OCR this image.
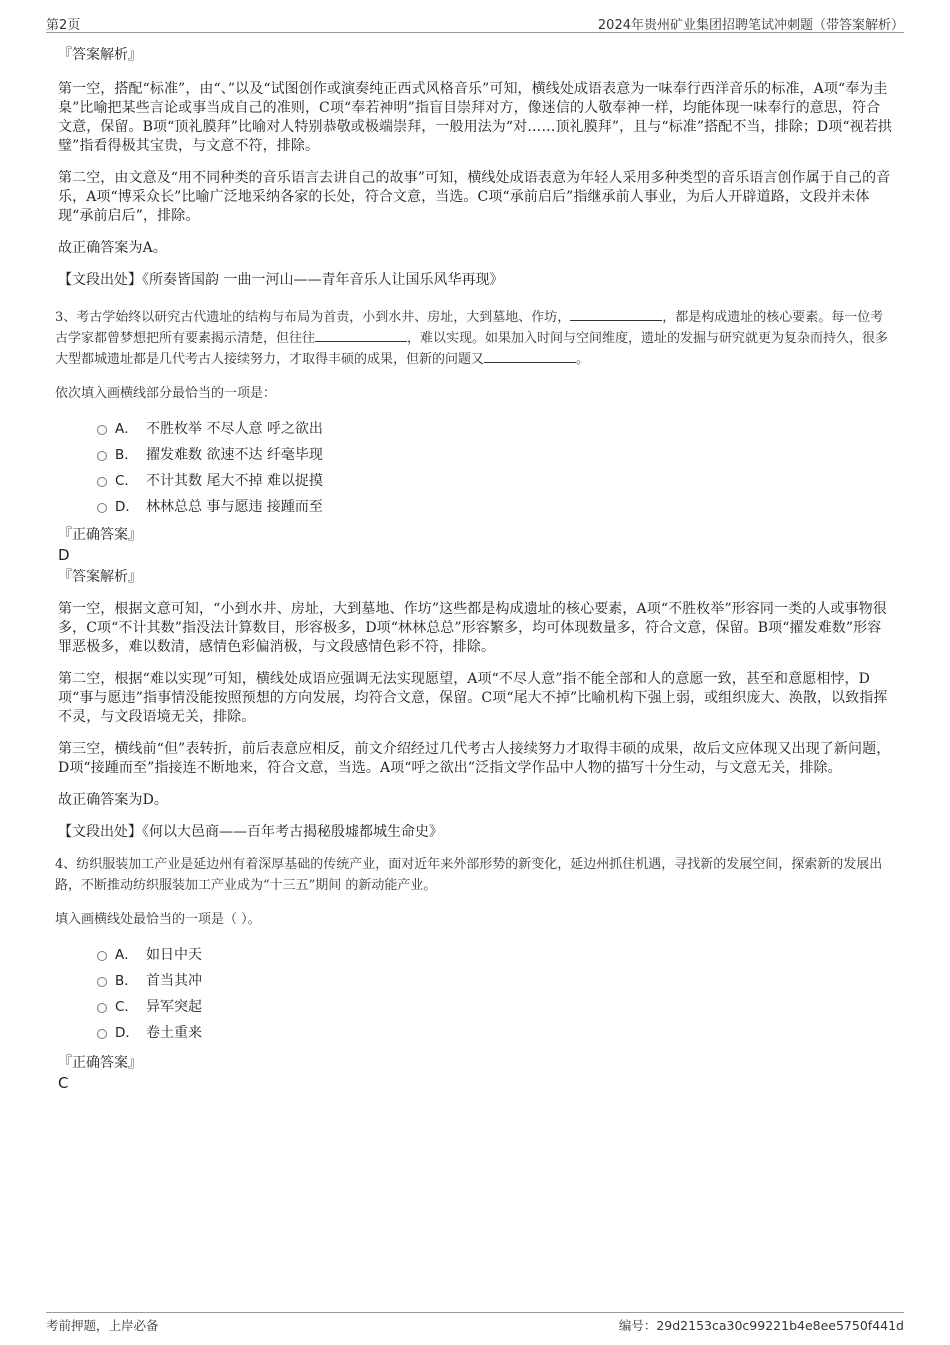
第2页	2024年贵州矿业集团招聘笔试冲刺题（带答案解析）

『答案解析』

第一空，搭配“标准”，由“、”以及“试图创作或演奏纯正西式风格音乐”可知，横线处成语表意为一味奉行西洋音乐的标准，A项“奉为圭臬”比喻把某些言论或事当成自己的准则，C项“奉若神明”指盲目崇拜对方，像迷信的人敬奉神一样，均能体现一味奉行的意思，符合文意，保留。B项“顶礼膜拜”比喻对人特别恭敬或极端崇拜，一般用法为“对……顶礼膜拜”，且与“标准”搭配不当，排除；D项“视若拱璧”指看得极其宝贵，与文意不符，排除。

第二空，由文意及“用不同种类的音乐语言去讲自己的故事”可知，横线处成语表意为年轻人采用多种类型的音乐语言创作属于自己的音乐，A项“博采众长”比喻广泛地采纳各家的长处，符合文意，当选。C项“承前启后”指继承前人事业，为后人开辟道路，文段并未体现“承前启后”，排除。

故正确答案为A。

【文段出处】《所奏皆国韵 一曲一河山——青年音乐人让国乐风华再现》

3、考古学始终以研究古代遗址的结构与布局为首责，小到水井、房址，大到墓地、作坊，	，都是构成遗址的核心要素。每一位考古学家都曾梦想把所有要素揭示清楚，但往往	，难以实现。如果加入时间与空间维度，遗址的发掘与研究就更为复杂而持久，很多大型都城遗址都是几代考古人接续努力，才取得丰硕的成果，但新的问题又	。

依次填入画横线部分最恰当的一项是：

A． 不胜枚举 不尽人意 呼之欲出
B． 擢发难数 欲速不达 纤毫毕现
C． 不计其数 尾大不掉 难以捉摸
D． 林林总总 事与愿违 接踵而至

『正确答案』

D

『答案解析』

第一空，根据文意可知，“小到水井、房址，大到墓地、作坊”这些都是构成遗址的核心要素，A项“不胜枚举”形容同一类的人或事物很多，C项“不计其数”指没法计算数目，形容极多，D项“林林总总”形容繁多，均可体现数量多，符合文意，保留。B项“擢发难数”形容罪恶极多，难以数清，感情色彩偏消极，与文段感情色彩不符，排除。

第二空，根据“难以实现”可知，横线处成语应强调无法实现愿望，A项“不尽人意”指不能全部和人的意愿一致，甚至和意愿相悖，D项“事与愿违”指事情没能按照预想的方向发展，均符合文意，保留。C项“尾大不掉”比喻机构下强上弱，或组织庞大、涣散，以致指挥不灵，与文段语境无关，排除。

第三空，横线前“但”表转折，前后表意应相反，前文介绍经过几代考古人接续努力才取得丰硕的成果，故后文应体现又出现了新问题，D项“接踵而至”指接连不断地来，符合文意，当选。A项“呼之欲出”泛指文学作品中人物的描写十分生动，与文意无关，排除。

故正确答案为D。

【文段出处】《何以大邑商——百年考古揭秘殷墟都城生命史》

4、纺织服装加工产业是延边州有着深厚基础的传统产业，面对近年来外部形势的新变化，延边州抓住机遇，寻找新的发展空间，探索新的发展出路，不断推动纺织服装加工产业成为“十三五”期间 的新动能产业。

填入画横线处最恰当的一项是（ ）。

A． 如日中天
B． 首当其冲
C． 异军突起
D． 卷土重来

『正确答案』

C

考前押题，上岸必备	编号：29d2153ca30c99221b4e8ee5750f441d
